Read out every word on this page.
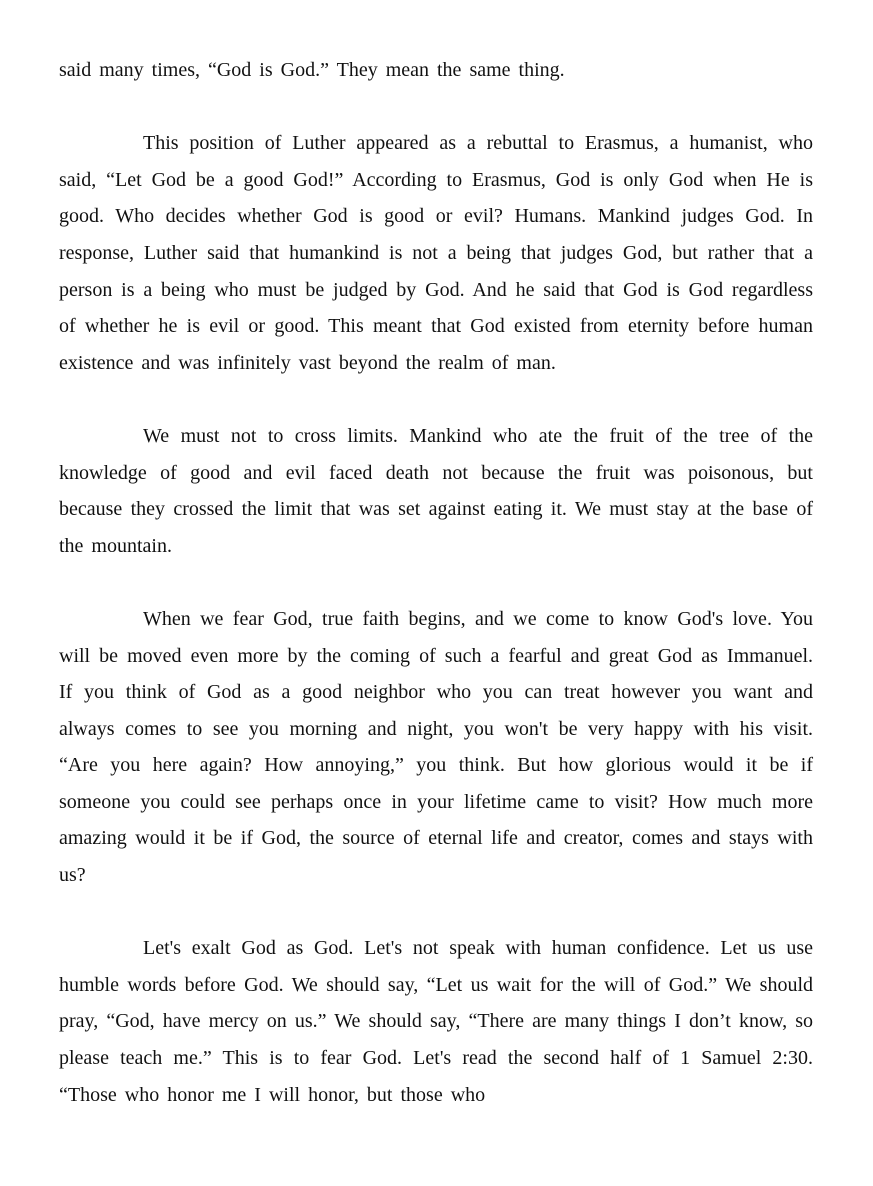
said many times, “God is God.” They mean the same thing.

This position of Luther appeared as a rebuttal to Erasmus, a humanist, who said, “Let God be a good God!” According to Erasmus, God is only God when He is good. Who decides whether God is good or evil? Humans. Mankind judges God. In response, Luther said that humankind is not a being that judges God, but rather that a person is a being who must be judged by God. And he said that God is God regardless of whether he is evil or good. This meant that God existed from eternity before human existence and was infinitely vast beyond the realm of man.

We must not to cross limits. Mankind who ate the fruit of the tree of the knowledge of good and evil faced death not because the fruit was poisonous, but because they crossed the limit that was set against eating it. We must stay at the base of the mountain.

When we fear God, true faith begins, and we come to know God's love. You will be moved even more by the coming of such a fearful and great God as Immanuel. If you think of God as a good neighbor who you can treat however you want and always comes to see you morning and night, you won't be very happy with his visit. “Are you here again? How annoying,” you think. But how glorious would it be if someone you could see perhaps once in your lifetime came to visit? How much more amazing would it be if God, the source of eternal life and creator, comes and stays with us?

Let's exalt God as God. Let's not speak with human confidence. Let us use humble words before God. We should say, “Let us wait for the will of God.” We should pray, “God, have mercy on us.” We should say, “There are many things I don’t know, so please teach me.” This is to fear God. Let's read the second half of 1 Samuel 2:30. “Those who honor me I will honor, but those who
